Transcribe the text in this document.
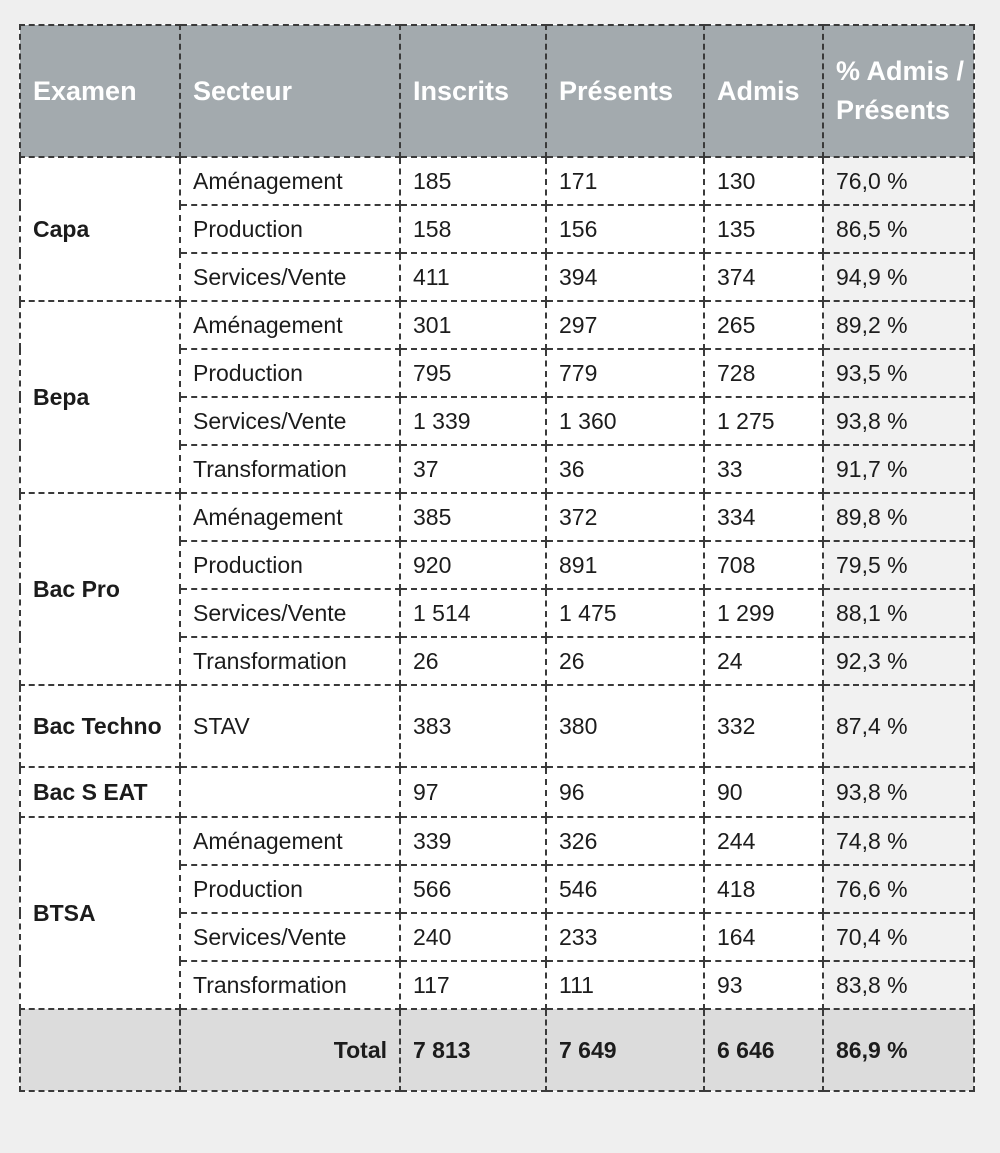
Examen	Secteur	Inscrits	Présents	Admis	% Admis / Présents
Capa	Aménagement	185	171	130	76,0 %
	Production	158	156	135	86,5 %
	Services/Vente	411	394	374	94,9 %
Bepa	Aménagement	301	297	265	89,2 %
	Production	795	779	728	93,5 %
	Services/Vente	1 339	1 360	1 275	93,8 %
	Transformation	37	36	33	91,7 %
Bac Pro	Aménagement	385	372	334	89,8 %
	Production	920	891	708	79,5 %
	Services/Vente	1 514	1 475	1 299	88,1 %
	Transformation	26	26	24	92,3 %
Bac Techno	STAV	383	380	332	87,4 %
Bac S EAT		97	96	90	93,8 %
BTSA	Aménagement	339	326	244	74,8 %
	Production	566	546	418	76,6 %
	Services/Vente	240	233	164	70,4 %
	Transformation	117	111	93	83,8 %
	Total	7 813	7 649	6 646	86,9 %
